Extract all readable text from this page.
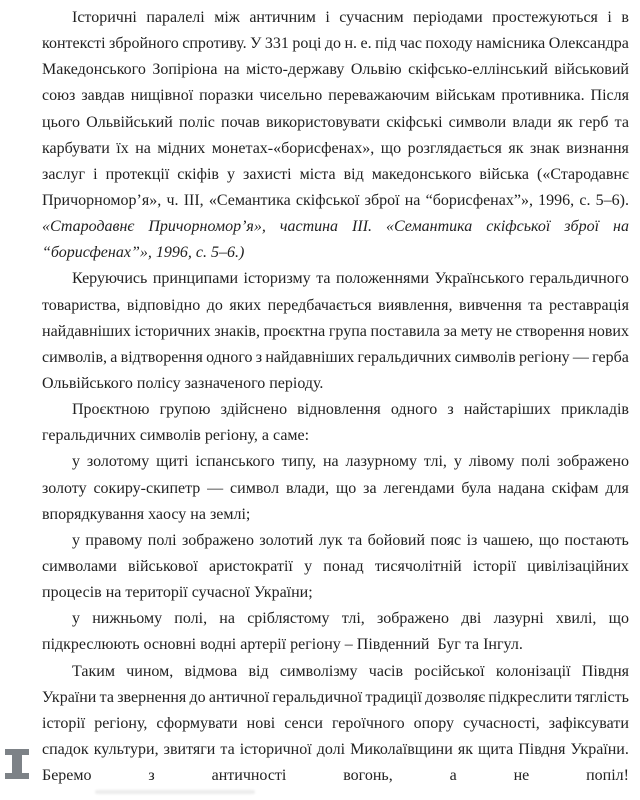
Історичні паралелі між античним і сучасним періодами простежуються і в
контексті збройного спротиву. У 331 році до н. е. під час походу намісника Олександра
Македонського Зопіріона на місто-державу Ольвію скіфсько-еллінський військовий
союз завдав нищівної поразки чисельно переважаючим військам противника. Після
цього Ольвійський поліс почав використовувати скіфські символи влади як герб та
карбувати їх на мідних монетах-«борисфенах», що розглядається як знак визнання
заслуг і протекції скіфів у захисті міста від македонського війська («Стародавнє
Причорномор’я», ч. III, «Семантика скіфської зброї на “борисфенах”», 1996, с. 5–6).
«Стародавнє Причорномор’я», частина III. «Семантика скіфської зброї на
“борисфенах”», 1996, с. 5–6.)
Керуючись принципами історизму та положеннями Українського геральдичного
товариства, відповідно до яких передбачається виявлення, вивчення та реставрація
найдавніших історичних знаків, проєктна група поставила за мету не створення нових
символів, а відтворення одного з найдавніших геральдичних символів регіону — герба
Ольвійського полісу зазначеного періоду.
Проєктною групою здійснено відновлення одного з найстаріших прикладів
геральдичних символів регіону, а саме:
у золотому щиті іспанського типу, на лазурному тлі, у лівому полі зображено
золоту сокиру-скипетр — символ влади, що за легендами була надана скіфам для
впорядкування хаосу на землі;
у правому полі зображено золотий лук та бойовий пояс із чашею, що постають
символами військової аристократії у понад тисячолітній історії цивілізаційних
процесів на території сучасної України;
у нижньому полі, на сріблястому тлі, зображено дві лазурні хвилі, що
підкреслюють основні водні артерії регіону – Південний  Буг та Інгул.
Таким чином, відмова від символізму часів російської колонізації Півдня
України та звернення до античної геральдичної традиції дозволяє підкреслити тяглість
історії регіону, сформувати нові сенси героїчного опору сучасності, зафіксувати
спадок культури, звитяги та історичної долі Миколаївщини як щита Півдня України.
Беремо	з	античності	вогонь,	а	не	попіл!
